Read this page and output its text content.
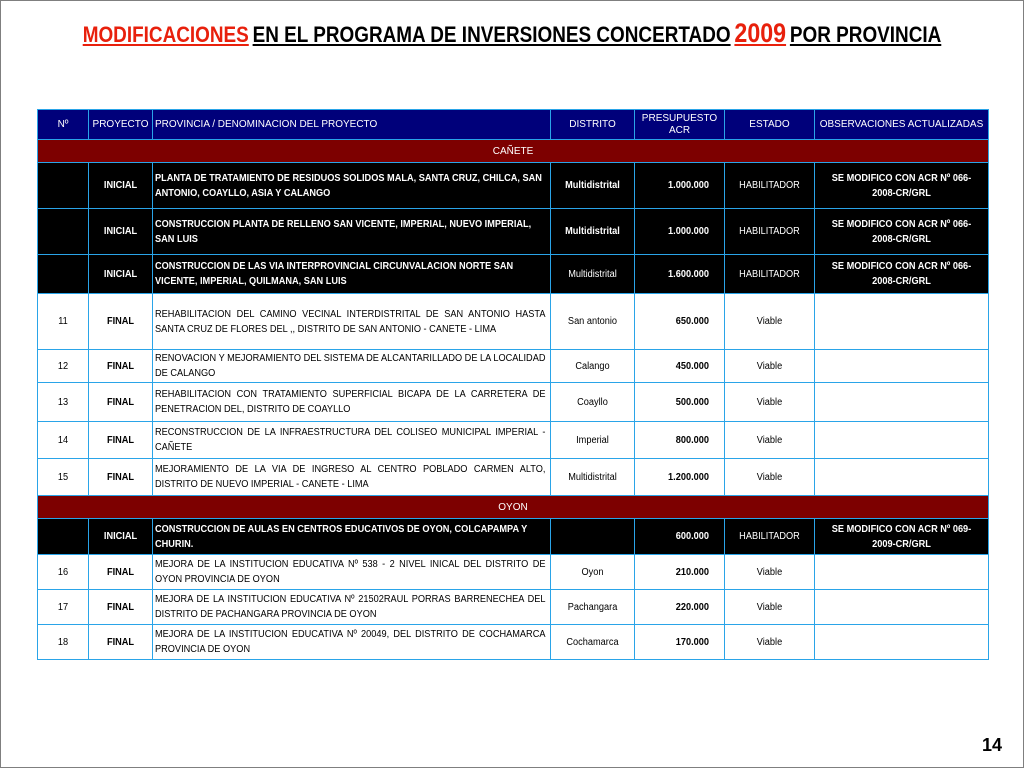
MODIFICACIONES EN EL PROGRAMA DE INVERSIONES CONCERTADO 2009 POR PROVINCIA
Nº	PROYECTO	PROVINCIA / DENOMINACION DEL PROYECTO	DISTRITO	PRESUPUESTO ACR	ESTADO	OBSERVACIONES ACTUALIZADAS
CAÑETE						

	INICIAL	PLANTA DE TRATAMIENTO DE RESIDUOS SOLIDOS MALA, SANTA CRUZ, CHILCA, SAN ANTONIO, COAYLLO, ASIA Y CALANGO	Multidistrital	1.000.000	HABILITADOR	SE MODIFICO CON ACR Nº 066-2008-CR/GRL

	INICIAL	CONSTRUCCION PLANTA DE RELLENO SAN VICENTE, IMPERIAL, NUEVO IMPERIAL, SAN LUIS	Multidistrital	1.000.000	HABILITADOR	SE MODIFICO CON ACR Nº 066-2008-CR/GRL

	INICIAL	CONSTRUCCION DE LAS VIA INTERPROVINCIAL CIRCUNVALACION NORTE SAN VICENTE, IMPERIAL, QUILMANA, SAN LUIS	Multidistrital	1.600.000	HABILITADOR	SE MODIFICO CON ACR Nº 066-2008-CR/GRL

11	FINAL	REHABILITACION DEL CAMINO VECINAL INTERDISTRITAL DE SAN ANTONIO HASTA SANTA CRUZ DE FLORES DEL ,, DISTRITO DE SAN ANTONIO - CANETE - LIMA	San antonio	650.000	Viable	

12	FINAL	RENOVACION Y MEJORAMIENTO DEL SISTEMA DE ALCANTARILLADO DE LA LOCALIDAD DE CALANGO	Calango	450.000	Viable	

13	FINAL	REHABILITACION CON TRATAMIENTO SUPERFICIAL BICAPA DE LA CARRETERA DE PENETRACION DEL, DISTRITO DE COAYLLO	Coayllo	500.000	Viable	

14	FINAL	RECONSTRUCCION DE LA INFRAESTRUCTURA DEL COLISEO MUNICIPAL IMPERIAL - CAÑETE	Imperial	800.000	Viable	

15	FINAL	MEJORAMIENTO DE LA VIA DE INGRESO AL CENTRO POBLADO CARMEN ALTO, DISTRITO DE NUEVO IMPERIAL - CANETE - LIMA	Multidistrital	1.200.000	Viable	

OYON						

	INICIAL	CONSTRUCCION DE AULAS EN CENTROS EDUCATIVOS DE OYON, COLCAPAMPA Y CHURIN.		600.000	HABILITADOR	SE MODIFICO CON ACR Nº 069-2009-CR/GRL

16	FINAL	MEJORA DE LA INSTITUCION EDUCATIVA Nº 538 - 2 NIVEL INICAL DEL DISTRITO DE OYON PROVINCIA DE OYON	Oyon	210.000	Viable	

17	FINAL	MEJORA DE LA INSTITUCION EDUCATIVA Nº 21502RAUL PORRAS BARRENECHEA DEL DISTRITO DE PACHANGARA PROVINCIA DE OYON	Pachangara	220.000	Viable	

18	FINAL	MEJORA DE LA INSTITUCION EDUCATIVA Nº 20049, DEL DISTRITO DE COCHAMARCA PROVINCIA DE OYON	Cochamarca	170.000	Viable	

14
